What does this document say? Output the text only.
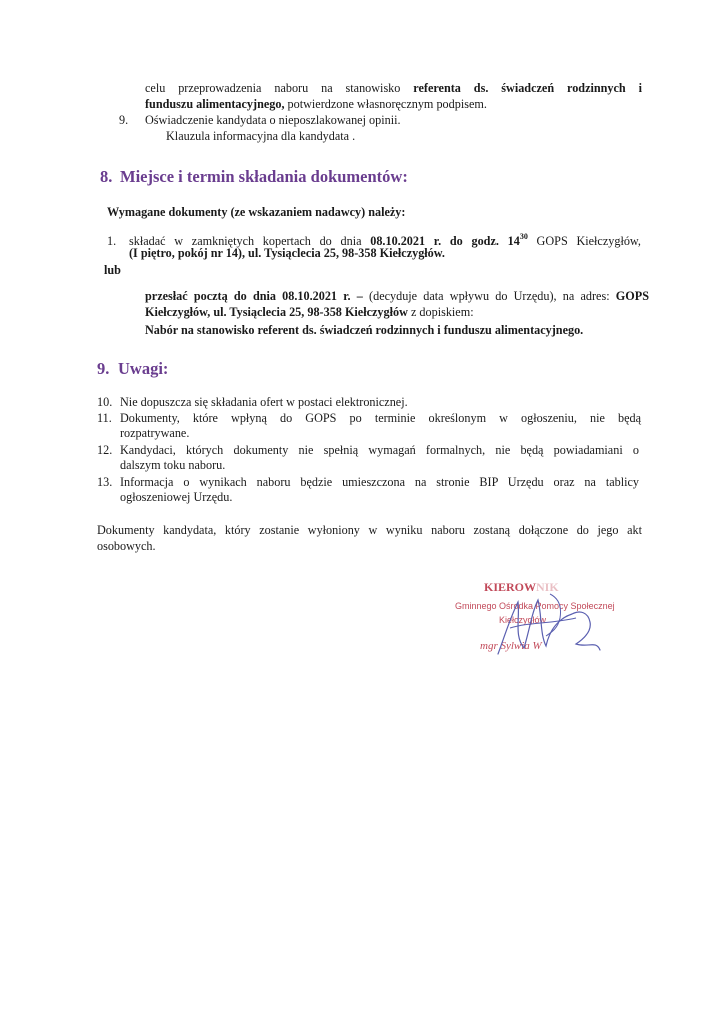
celu przeprowadzenia naboru na stanowisko referenta ds. świadczeń rodzinnych i
funduszu alimentacyjnego, potwierdzone własnoręcznym podpisem.
9. Oświadczenie kandydata o nieposzlakowanej opinii.
Klauzula informacyjna dla kandydata .
8. Miejsce i termin składania dokumentów:
Wymagane dokumenty (ze wskazaniem nadawcy) należy:
1. składać w zamkniętych kopertach do dnia 08.10.2021 r. do godz. $14^{30}$ GOPS Kiełczygłów,
(I piętro, pokój nr 14), ul. Tysiąclecia 25, 98-358 Kiełczygłów.
lub
przesłać pocztą do dnia 08.10.2021 r. – (decyduje data wpływu do Urzędu), na adres: GOPS
Kiełczygłów, ul. Tysiąclecia 25, 98-358 Kiełczygłów z dopiskiem:
Nabór na stanowisko referent ds. świadczeń rodzinnych i funduszu alimentacyjnego.
9. Uwagi:
10. Nie dopuszcza się składania ofert w postaci elektronicznej.
11. Dokumenty, które wpłyną do GOPS po terminie określonym w ogłoszeniu, nie będą
rozpatrywane.
12. Kandydaci, których dokumenty nie spełnią wymagań formalnych, nie będą powiadamiani o
dalszym toku naboru.
13. Informacja o wynikach naboru będzie umieszczona na stronie BIP Urzędu oraz na tablicy
ogłoszeniowej Urzędu.
Dokumenty kandydata, który zostanie wyłoniony w wyniku naboru zostaną dołączone do jego akt
osobowych.
KIEROWNIK
Gminnego Ośrodka Pomocy Społecznej
Kiełczygłów
mgr Sylwia W
